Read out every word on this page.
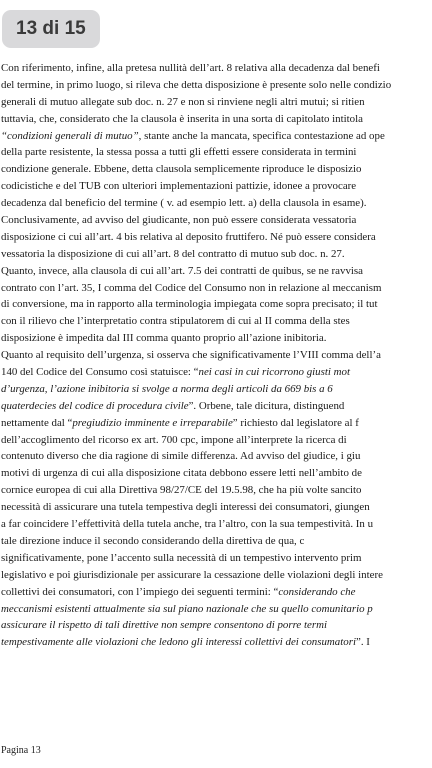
13 di 15
Con riferimento, infine, alla pretesa nullità dell’art. 8 relativa alla decadenza dal benefi
del termine, in primo luogo, si rileva che detta disposizione è presente solo nelle condizio
generali di mutuo allegate sub doc. n. 27 e non si rinviene negli altri mutui; si ritien
tuttavia, che, considerato che la clausola è inserita in una sorta di capitolato intitola
“condizioni generali di mutuo”, stante anche la mancata, specifica contestazione ad ope
della parte resistente, la stessa possa a tutti gli effetti essere considerata in termini
condizione generale. Ebbene, detta clausola semplicemente riproduce le disposizio
codicistiche e del TUB con ulteriori implementazioni pattizie, idonee a provocare
decadenza dal beneficio del termine ( v. ad esempio lett. a) della clausola in esame).
Conclusivamente, ad avviso del giudicante, non può essere considerata vessatoria
disposizione ci cui all’art. 4 bis relativa al deposito fruttifero. Né può essere considera
vessatoria la disposizione di cui all’art. 8 del contratto di mutuo sub doc. n. 27.
Quanto, invece, alla clausola di cui all’art. 7.5 dei contratti de quibus, se ne ravvisa
contrato con l’art. 35, I comma del Codice del Consumo non in relazione al meccanism
di conversione, ma in rapporto alla terminologia impiegata come sopra precisato; il tut
con il rilievo che l’interpretatio contra stipulatorem di cui al II comma della stes
disposizione è impedita dal III comma quanto proprio all’azione inibitoria.
Quanto al requisito dell’urgenza, si osserva che significativamente l’VIII comma dell’a
140 del Codice del Consumo così statuisce: “nei casi in cui ricorrono giusti mot
d’urgenza, l’azione inibitoria si svolge a norma degli articoli da 669 bis a 6
quaterdecies del codice di procedura civile”. Orbene, tale dicitura, distinguend
nettamente dal “pregiudizio imminente e irreparabile” richiesto dal legislatore al f
dell’accoglimento del ricorso ex art. 700 cpc, impone all’interprete la ricerca di
contenuto diverso che dia ragione di simile differenza. Ad avviso del giudice, i giu
motivi di urgenza di cui alla disposizione citata debbono essere letti nell’ambito de
cornice europea di cui alla Direttiva 98/27/CE del 19.5.98, che ha più volte sancito
necessità di assicurare una tutela tempestiva degli interessi dei consumatori, giungen
a far coincidere l’effettività della tutela anche, tra l’altro, con la sua tempestività. In u
tale direzione induce il secondo considerando della direttiva de qua, c
significativamente, pone l’accento sulla necessità di un tempestivo intervento prim
legislativo e poi giurisdizionale per assicurare la cessazione delle violazioni degli intere
collettivi dei consumatori, con l’impiego dei seguenti termini: “considerando che
meccanismi esistenti attualmente sia sul piano nazionale che su quello comunitario p
assicurare il rispetto di tali direttive non sempre consentono di porre termi
tempestivamente alle violazioni che ledono gli interessi collettivi dei consumatori”. I
Pagina 13
